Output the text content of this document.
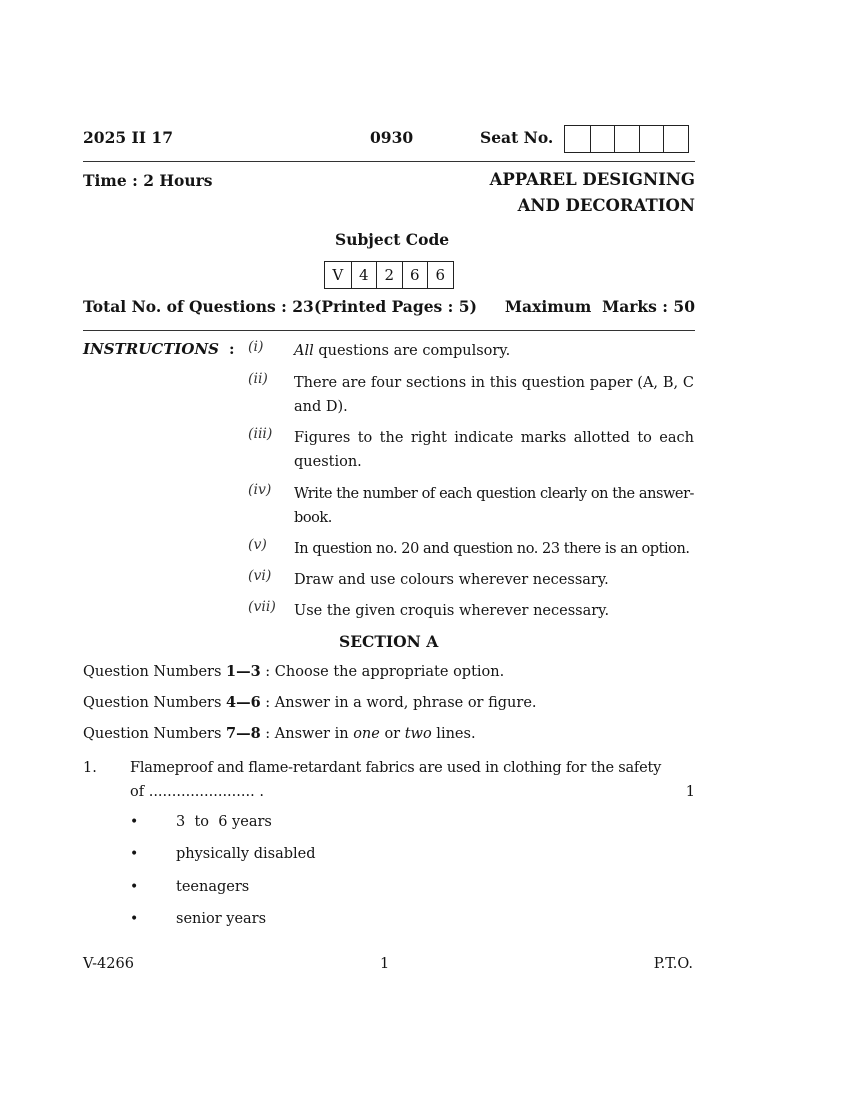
2025 II 17	0930	Seat No.
Time : 2 Hours	APPAREL DESIGNING
AND DECORATION
Subject Code
V	4	2	6	6
Total No. of Questions : 23 (Printed Pages : 5) Maximum  Marks : 50
INSTRUCTIONS : (i) All questions are compulsory.
(ii) There are four sections in this question paper (A, B, C and D).
(iii) Figures to the right indicate marks allotted to each question.
(iv) Write the number of each question clearly on the answer-book.
(v) In question no. 20 and question no. 23 there is an option.
(vi) Draw and use colours wherever necessary.
(vii) Use the given croquis wherever necessary.
SECTION A
Question Numbers 1—3 : Choose the appropriate option.
Question Numbers 4—6 : Answer in a word, phrase or figure.
Question Numbers 7—8 : Answer in one or two lines.
1. Flameproof and flame-retardant fabrics are used in clothing for the safety
of ....................... .	1
•	3  to  6 years
•	physically disabled
•	teenagers
•	senior years
V-4266	1	P.T.O.
